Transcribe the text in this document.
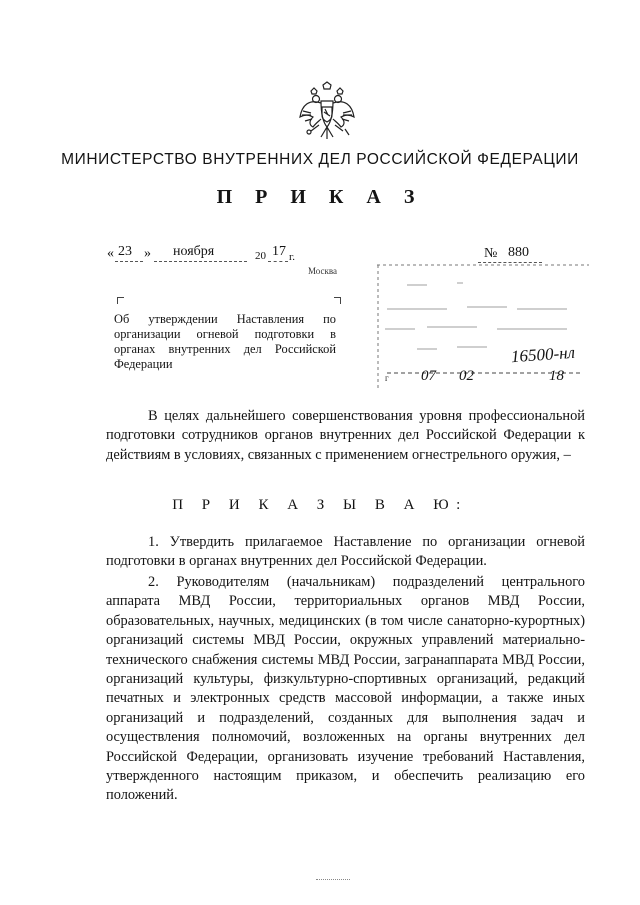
МИНИСТЕРСТВО ВНУТРЕННИХ ДЕЛ РОССИЙСКОЙ ФЕДЕРАЦИИ
П Р И К А З
« 23 » ноября	20 17 г.	№ 880
Москва
Об утверждении Наставления по организации огневой подготовки в органах внутренних дел Российской Федерации	16500-нл
г 07 02	18
В целях дальнейшего совершенствования уровня профессиональной подготовки сотрудников органов внутренних дел Российской Федерации к действиям в условиях, связанных с применением огнестрельного оружия, –
П Р И К А З Ы В А Ю:
1. Утвердить прилагаемое Наставление по организации огневой подготовки в органах внутренних дел Российской Федерации.
2. Руководителям (начальникам) подразделений центрального аппарата МВД России, территориальных органов МВД России, образовательных, научных, медицинских (в том числе санаторно-курортных) организаций системы МВД России, окружных управлений материально-технического снабжения системы МВД России, загранаппарата МВД России, организаций культуры, физкультурно-спортивных организаций, редакций печатных и электронных средств массовой информации, а также иных организаций и подразделений, созданных для выполнения задач и осуществления полномочий, возложенных на органы внутренних дел Российской Федерации, организовать изучение требований Наставления, утвержденного настоящим приказом, и обеспечить реализацию его положений.
